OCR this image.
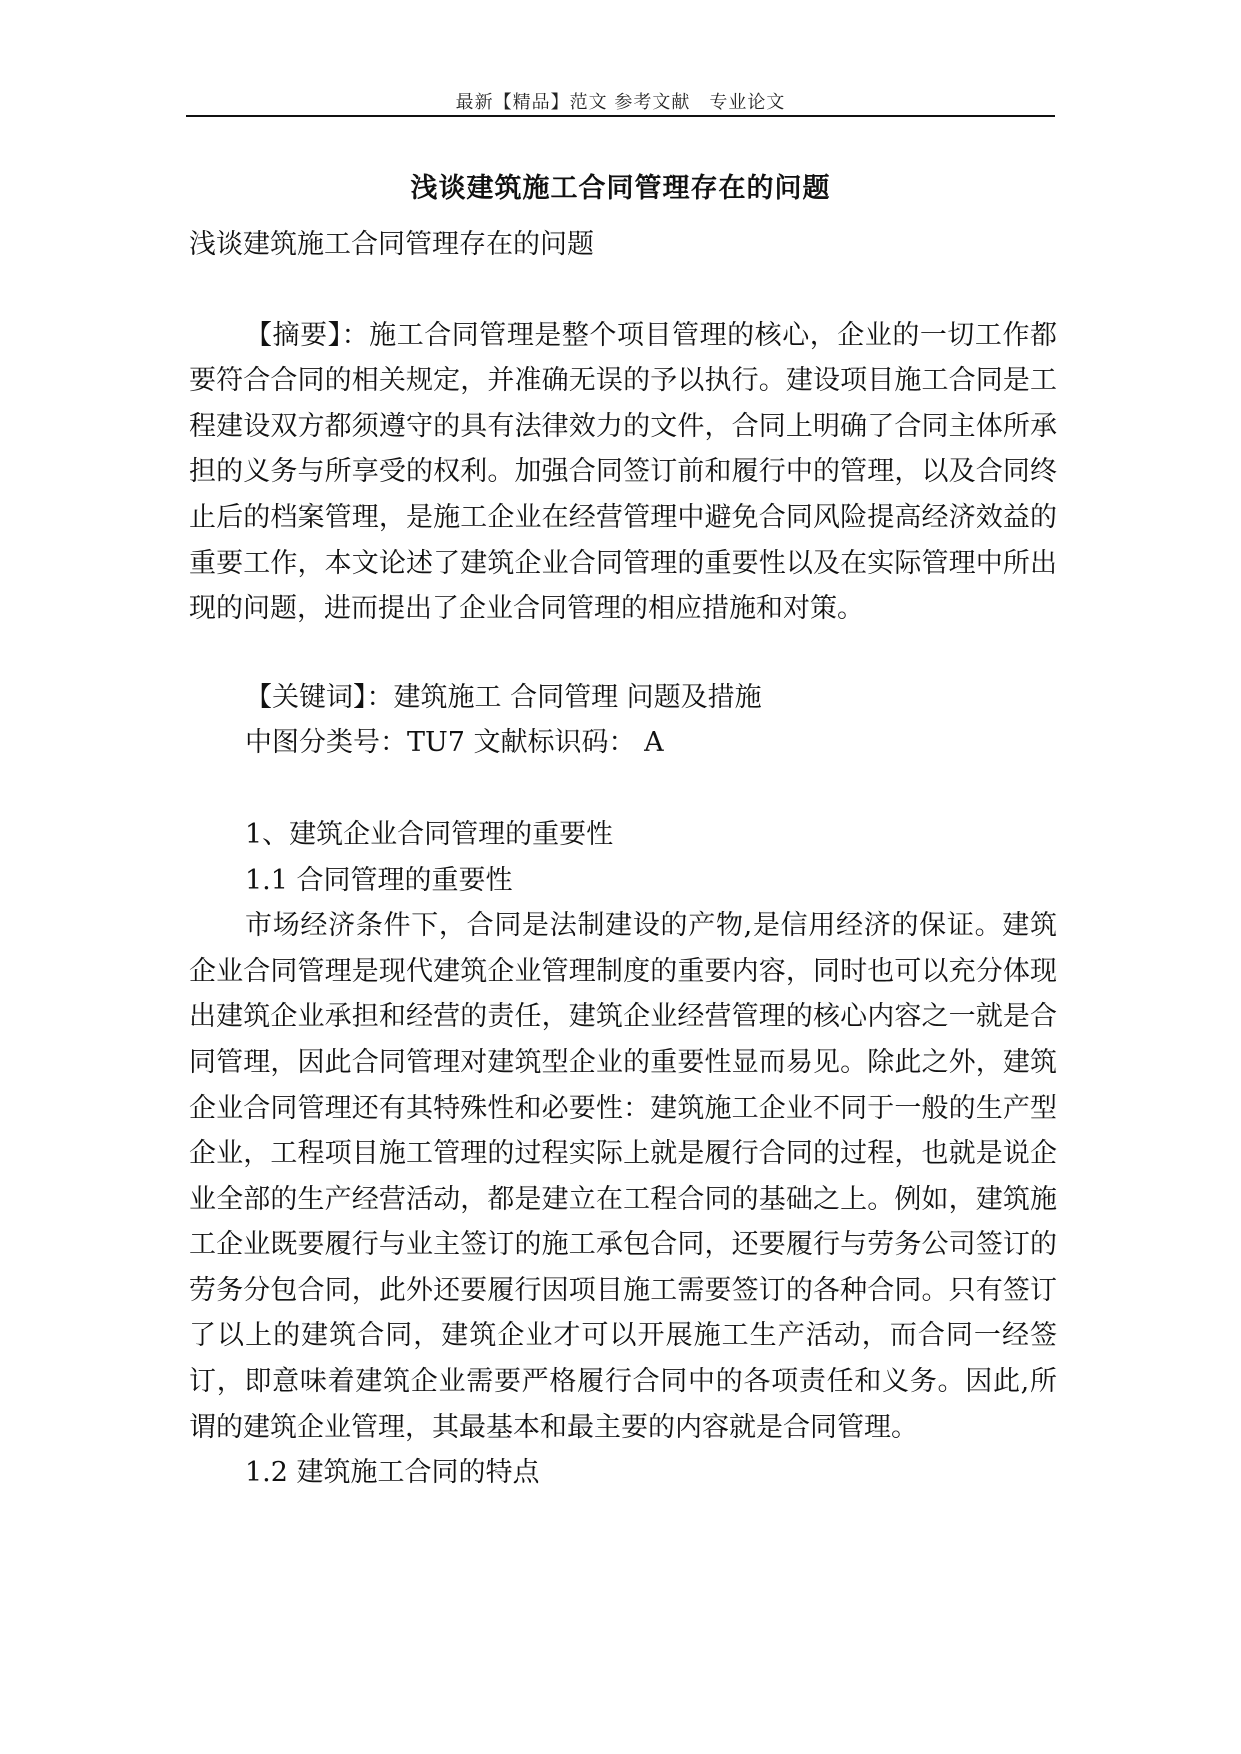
最新【精品】范文 参考文献　专业论文
浅谈建筑施工合同管理存在的问题

浅谈建筑施工合同管理存在的问题

【摘要】：施工合同管理是整个项目管理的核心，企业的一切工作都要符合合同的相关规定，并准确无误的予以执行。建设项目施工合同是工程建设双方都须遵守的具有法律效力的文件，合同上明确了合同主体所承担的义务与所享受的权利。加强合同签订前和履行中的管理，以及合同终止后的档案管理，是施工企业在经营管理中避免合同风险提高经济效益的重要工作，本文论述了建筑企业合同管理的重要性以及在实际管理中所出现的问题，进而提出了企业合同管理的相应措施和对策。

【关键词】：建筑施工 合同管理 问题及措施

中图分类号：TU7 文献标识码： A

1、建筑企业合同管理的重要性

1.1 合同管理的重要性

市场经济条件下，合同是法制建设的产物,是信用经济的保证。建筑企业合同管理是现代建筑企业管理制度的重要内容，同时也可以充分体现出建筑企业承担和经营的责任，建筑企业经营管理的核心内容之一就是合同管理，因此合同管理对建筑型企业的重要性显而易见。除此之外，建筑企业合同管理还有其特殊性和必要性：建筑施工企业不同于一般的生产型企业，工程项目施工管理的过程实际上就是履行合同的过程，也就是说企业全部的生产经营活动，都是建立在工程合同的基础之上。例如，建筑施工企业既要履行与业主签订的施工承包合同，还要履行与劳务公司签订的劳务分包合同，此外还要履行因项目施工需要签订的各种合同。只有签订了以上的建筑合同，建筑企业才可以开展施工生产活动，而合同一经签订，即意味着建筑企业需要严格履行合同中的各项责任和义务。因此,所谓的建筑企业管理，其最基本和最主要的内容就是合同管理。

1.2 建筑施工合同的特点
